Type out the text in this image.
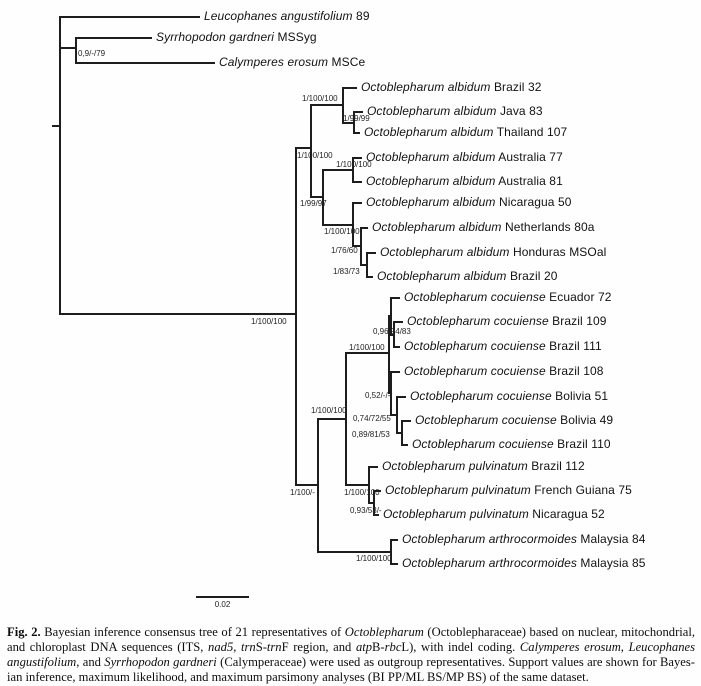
Leucophanes angustifolium 89
Syrrhopodon gardneri MSSyg
Calymperes erosum MSCe
Octoblepharum albidum Brazil 32
Octoblepharum albidum Java 83
Octoblepharum albidum Thailand 107
Octoblepharum albidum Australia 77
Octoblepharum albidum Australia 81
Octoblepharum albidum Nicaragua 50
Octoblepharum albidum Netherlands 80a
Octoblepharum albidum Honduras MSOal
Octoblepharum albidum Brazil 20
Octoblepharum cocuiense Ecuador 72
Octoblepharum cocuiense Brazil 109
Octoblepharum cocuiense Brazil 111
Octoblepharum cocuiense Brazil 108
Octoblepharum cocuiense Bolivia 51
Octoblepharum cocuiense Bolivia 49
Octoblepharum cocuiense Brazil 110
Octoblepharum pulvinatum Brazil 112
Octoblepharum pulvinatum French Guiana 75
Octoblepharum pulvinatum Nicaragua 52
Octoblepharum arthrocormoides Malaysia 84
Octoblepharum arthrocormoides Malaysia 85
0,9/-/79
1/100/100
1/100/100
1/100/100
1/99/99
1/99/97
1/100/100
1/100/100
1/76/60
1/83/73
1/100/100
0,96/94/83
0,52/-/-
0,74/72/55
0,89/81/53
1/100/100
1/100/-	1/100/100
0,93/53/-
1/100/100
0.02
Fig. 2. Bayesian inference consensus tree of 21 representatives of Octoblepharum (Octoblepharaceae) based on nuclear, mitochondrial,
and chloroplast DNA sequences (ITS, nad5, trnS-trnF region, and atpB-rbcL), with indel coding. Calymperes erosum, Leucophanes
angustifolium, and Syrrhopodon gardneri (Calymperaceae) were used as outgroup representatives. Support values are shown for Bayes-
ian inference, maximum likelihood, and maximum parsimony analyses (BI PP/ML BS/MP BS) of the same dataset.
